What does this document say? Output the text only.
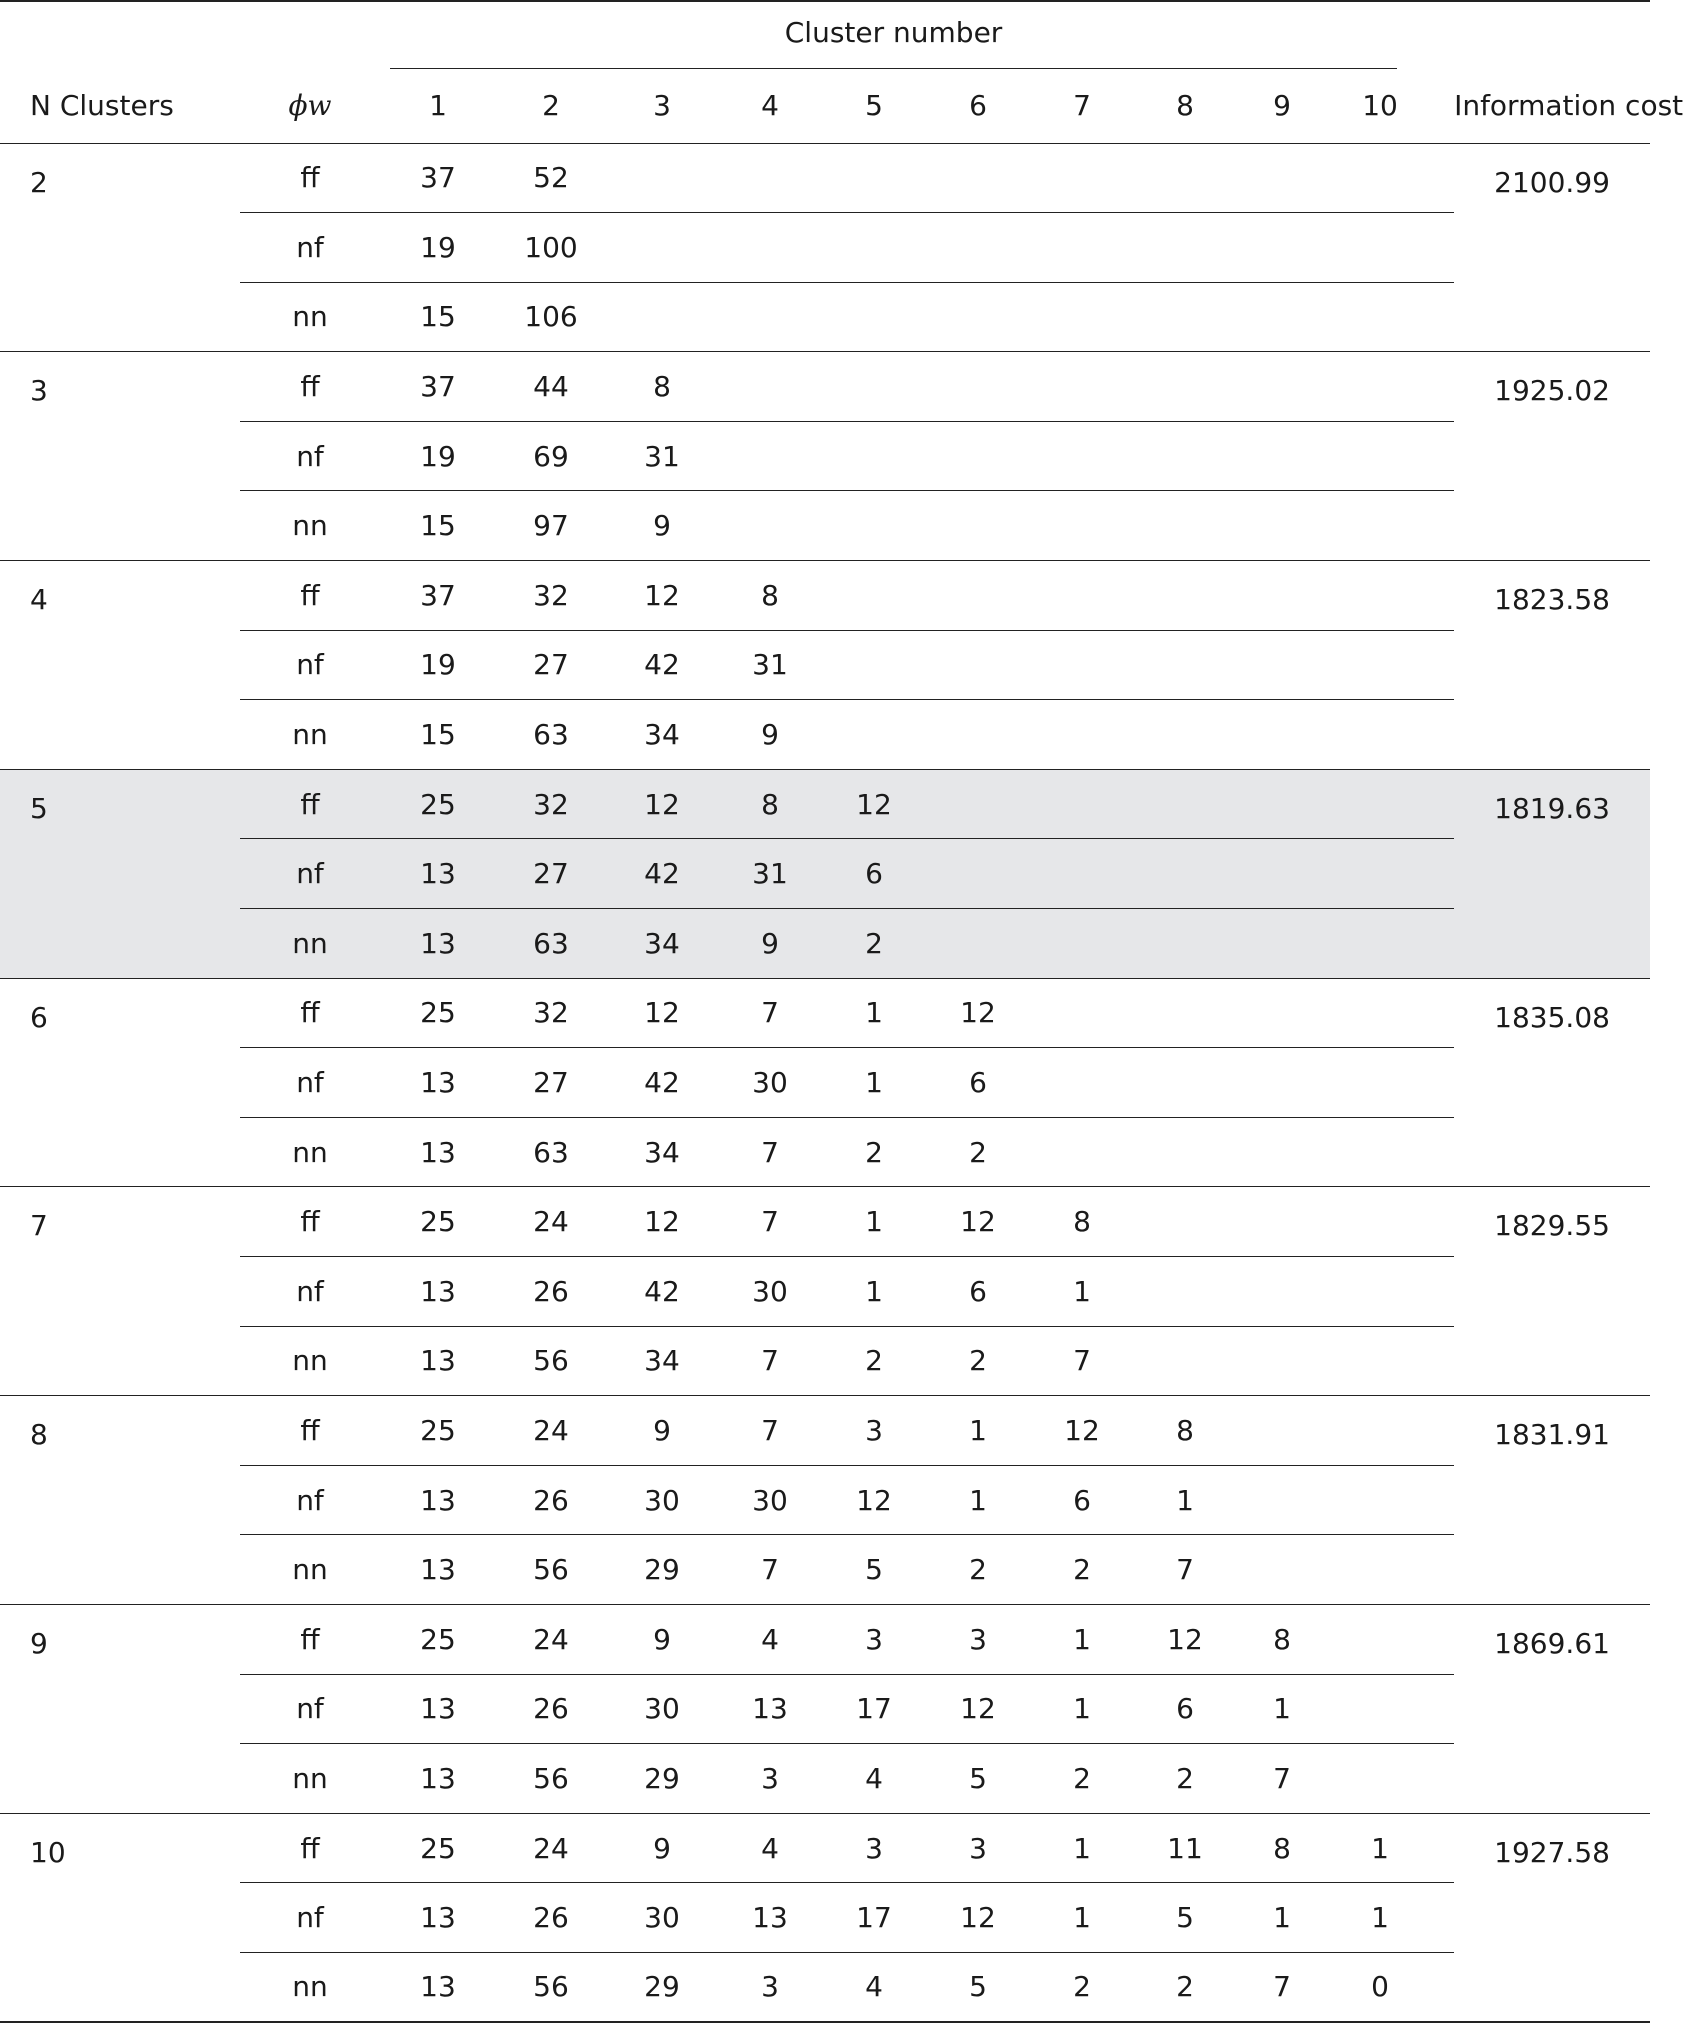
		Cluster number											

N Clusters	ϕw	1	2	3	4	5	6	7	8	9	10		Information cost
2	ff	37	52										2100.99
	nf	19	100										
	nn	15	106										
3	ff	37	44	8									1925.02
	nf	19	69	31									
	nn	15	97	9									
4	ff	37	32	12	8								1823.58
	nf	19	27	42	31								
	nn	15	63	34	9								
5	ff	25	32	12	8	12							1819.63
	nf	13	27	42	31	6							
	nn	13	63	34	9	2							
6	ff	25	32	12	7	1	12						1835.08
	nf	13	27	42	30	1	6						
	nn	13	63	34	7	2	2						
7	ff	25	24	12	7	1	12	8					1829.55
	nf	13	26	42	30	1	6	1					
	nn	13	56	34	7	2	2	7					
8	ff	25	24	9	7	3	1	12	8				1831.91
	nf	13	26	30	30	12	1	6	1				
	nn	13	56	29	7	5	2	2	7				
9	ff	25	24	9	4	3	3	1	12	8			1869.61
	nf	13	26	30	13	17	12	1	6	1			
	nn	13	56	29	3	4	5	2	2	7			
10	ff	25	24	9	4	3	3	1	11	8	1		1927.58
	nf	13	26	30	13	17	12	1	5	1	1		
	nn	13	56	29	3	4	5	2	2	7	0		
